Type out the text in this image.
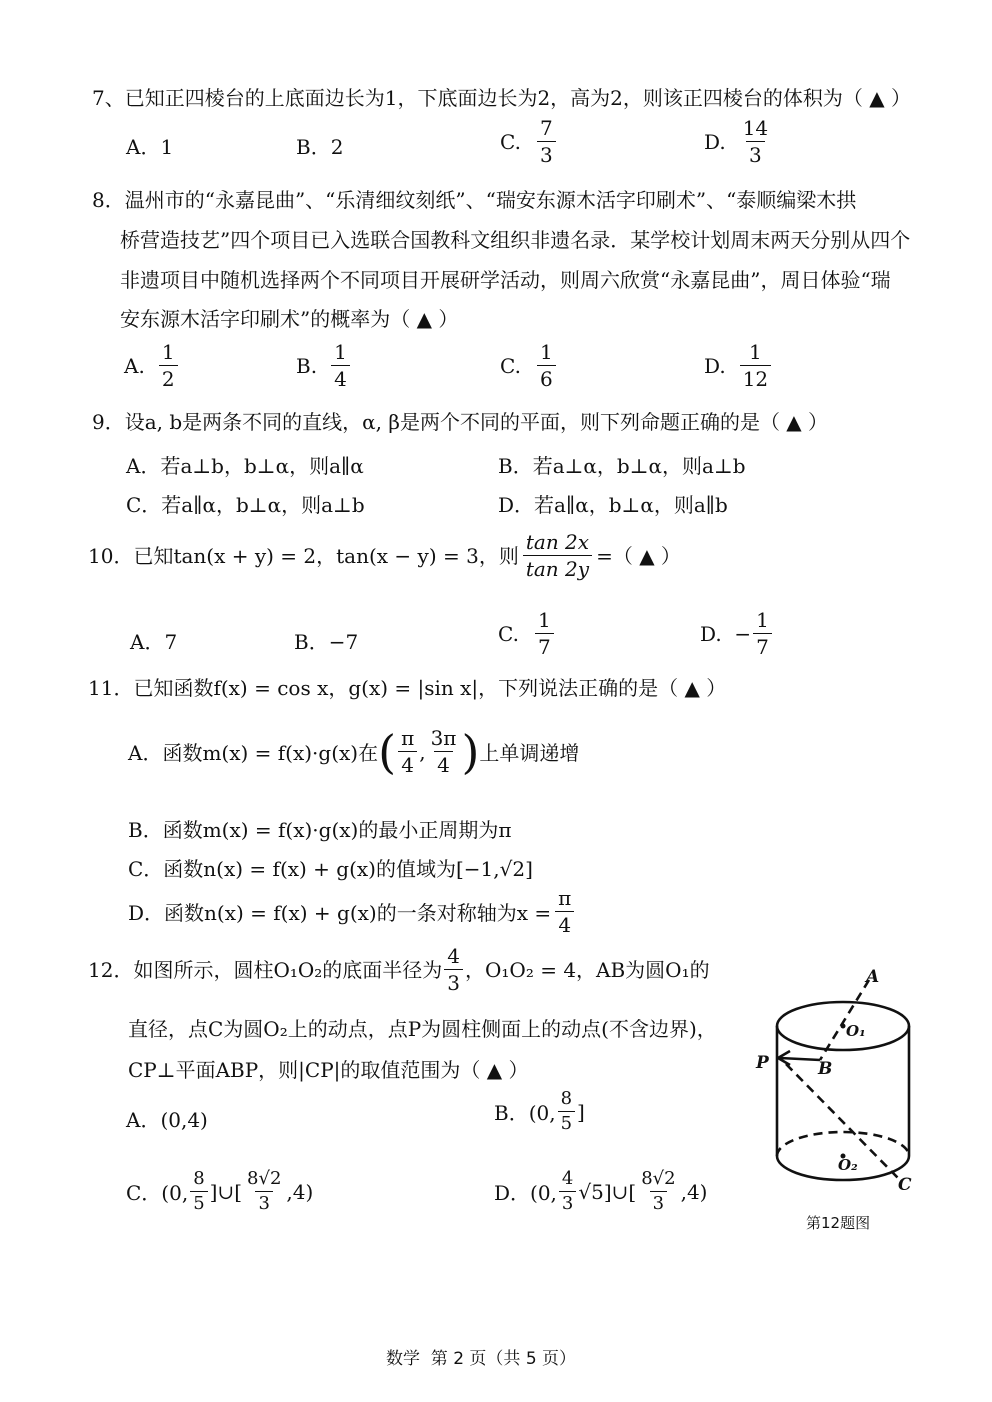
7、已知正四棱台的上底面边长为1，下底面边长为2，高为2，则该正四棱台的体积为（ ▲ ）
A．1	B．2	C. $\frac{7}{3}$	D. $\frac{14}{3}$
8．温州市的“永嘉昆曲”、“乐清细纹刻纸”、“瑞安东源木活字印刷术”、“泰顺编梁木拱
桥营造技艺”四个项目已入选联合国教科文组织非遗名录．某学校计划周末两天分别从四个
非遗项目中随机选择两个不同项目开展研学活动，则周六欣赏“永嘉昆曲”，周日体验“瑞
安东源木活字印刷术”的概率为（ ▲ ）
A. $\frac{1}{2}$	B. $\frac{1}{4}$	C. $\frac{1}{6}$	D. $\frac{1}{12}$
9．设a, b是两条不同的直线，α, β是两个不同的平面，则下列命题正确的是（ ▲ ）
A．若a⊥b，b⊥α，则a∥α	B．若a⊥α，b⊥α，则a⊥b
C．若a∥α，b⊥α，则a⊥b	D．若a∥α，b⊥α，则a∥b
10．已知tan(x + y) = 2，tan(x − y) = 3，则 $\frac{\tan 2x}{\tan 2y}$ =（ ▲ ）
A．7	B．−7	C. $\frac{1}{7}$	D.  − $\frac{1}{7}$
11．已知函数f(x) = cos x，g(x) = |sin x|，下列说法正确的是（ ▲ ）
A．函数m(x) = f(x)·g(x)在 ( $\frac{\pi}{4}$ , $\frac{3\pi}{4}$ ) 上单调递增
B．函数m(x) = f(x)·g(x)的最小正周期为π
C．函数n(x) = f(x) + g(x)的值域为[−1,√2]
D．函数n(x) = f(x) + g(x)的一条对称轴为$x = \frac{\pi}{4}$
12．如图所示，圆柱O₁O₂的底面半径为 $\frac{4}{3}$ ，O₁O₂ = 4，AB为圆O₁的
直径，点C为圆O₂上的动点，点P为圆柱侧面上的动点(不含边界)，
CP⊥平面ABP，则|CP|的取值范围为（ ▲ ）
A．(0,4)	B．(0, $\frac{8}{5}$ ]
C．(0, $\frac{8}{5}$ ]∪[ $\frac{8√2}{3} ,4$)	D．(0, $\frac{4}{3}$ √5]∪[ $\frac{8√2}{3} ,4$)
A
B
C
P
O₁
O₂
第12题图
数学  第 2 页（共 5 页）
